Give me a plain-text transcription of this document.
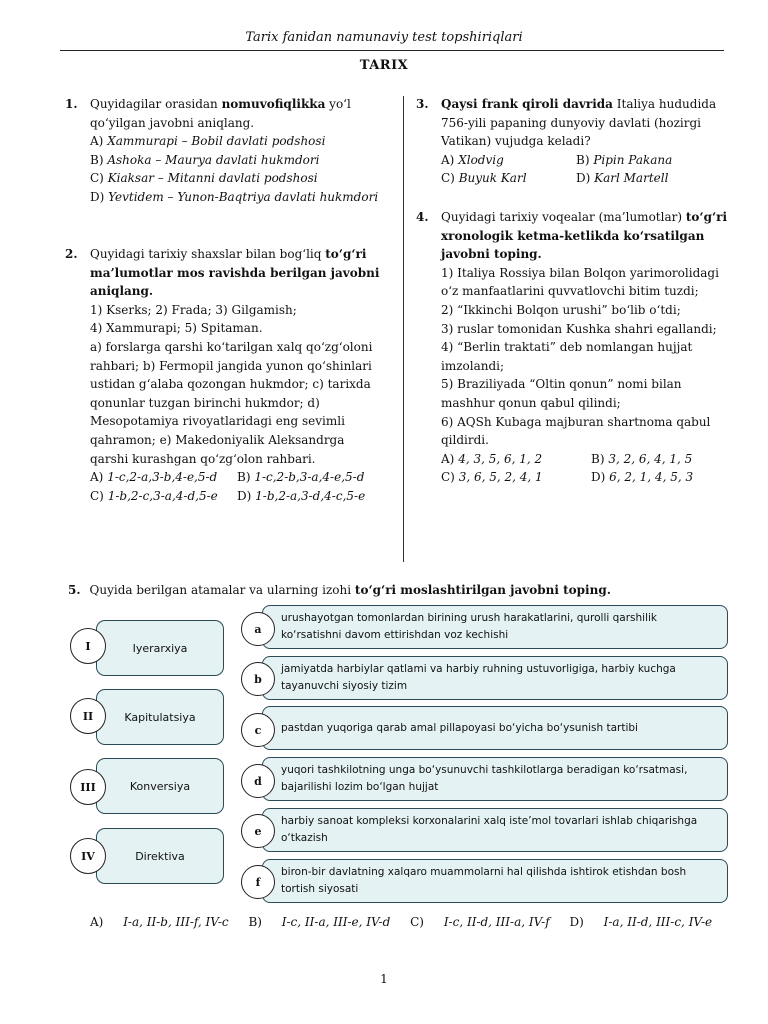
Tarix fanidan namunaviy test topshiriqlari
TARIX
1. Quyidagilar orasidan nomuvofiqlikka yo‘l qo‘yilgan javobni aniqlang.

A) Xammurapi – Bobil davlati podshosi
B) Ashoka – Maurya davlati hukmdori
C) Kiaksar – Mitanni davlati podshosi
D) Yevtidem – Yunon-Baqtriya davlati hukmdori
2. Quyidagi tarixiy shaxslar bilan bog‘liq to‘g‘ri ma’lumotlar mos ravishda berilgan javobni aniqlang.

1) Kserks; 2) Frada; 3) Gilgamish;

4) Xammurapi; 5) Spitaman.

a) forslarga qarshi ko‘tarilgan xalq qo‘zg‘oloni rahbari; b) Fermopil jangida yunon qo‘shinlari ustidan g‘alaba qozongan hukmdor; c) tarixda qonunlar tuzgan birinchi hukmdor; d) Mesopotamiya rivoyatlaridagi eng sevimli qahramon; e) Makedoniyalik Aleksandrga qarshi kurashgan qo‘zg‘olon rahbari.

A) 1-c,2-a,3-b,4-e,5-d	B) 1-c,2-b,3-a,4-e,5-d
C) 1-b,2-c,3-a,4-d,5-e	D) 1-b,2-a,3-d,4-c,5-e
3. Qaysi frank qiroli davrida Italiya hududida 756-yili papaning dunyoviy davlati (hozirgi Vatikan) vujudga keladi?

A) Xlodvig	B) Pipin Pakana
C) Buyuk Karl	D) Karl Martell
4. Quyidagi tarixiy voqealar (ma’lumotlar) to‘g‘ri xronologik ketma-ketlikda ko‘rsatilgan javobni toping.

1) Italiya Rossiya bilan Bolqon yarimorolidagi o‘z manfaatlarini quvvatlovchi bitim tuzdi;

2) “Ikkinchi Bolqon urushi” bo‘lib o‘tdi;

3) ruslar tomonidan Kushka shahri egallandi;

4) “Berlin traktati” deb nomlangan hujjat imzolandi;

5) Braziliyada “Oltin qonun” nomi bilan mashhur qonun qabul qilindi;

6) AQSh Kubaga majburan shartnoma qabul qildirdi.

A) 4, 3, 5, 6, 1, 2	B) 3, 2, 6, 4, 1, 5
C) 3, 6, 5, 2, 4, 1	D) 6, 2, 1, 4, 5, 3
5. Quyida berilgan atamalar va ularning izohi to‘g‘ri moslashtirilgan javobni toping.
Iyerarxiya
I
Kapitulatsiya
II
Konversiya
III
Direktiva
IV
urushayotgan tomonlardan birining urush harakatlarini, qurolli qarshilik ko‘rsatishni davom ettirishdan voz kechishi
a
jamiyatda harbiylar qatlami va harbiy ruhning ustuvorligiga, harbiy kuchga tayanuvchi siyosiy tizim
b
pastdan yuqoriga qarab amal pillapoyasi bo‘yicha bo‘ysunish tartibi
c
yuqori tashkilotning unga bo‘ysunuvchi tashkilotlarga beradigan ko‘rsatmasi, bajarilishi lozim bo‘lgan hujjat
d
harbiy sanoat kompleksi korxonalarini xalq iste’mol tovarlari ishlab chiqarishga o‘tkazish
e
biron-bir davlatning xalqaro muammolarni hal qilishda ishtirok etishdan bosh tortish siyosati
f
A) I-a, II-b, III-f, IV-c B) I-c, II-a, III-e, IV-d C) I-c, II-d, III-a, IV-f D) I-a, II-d, III-c, IV-e
1
